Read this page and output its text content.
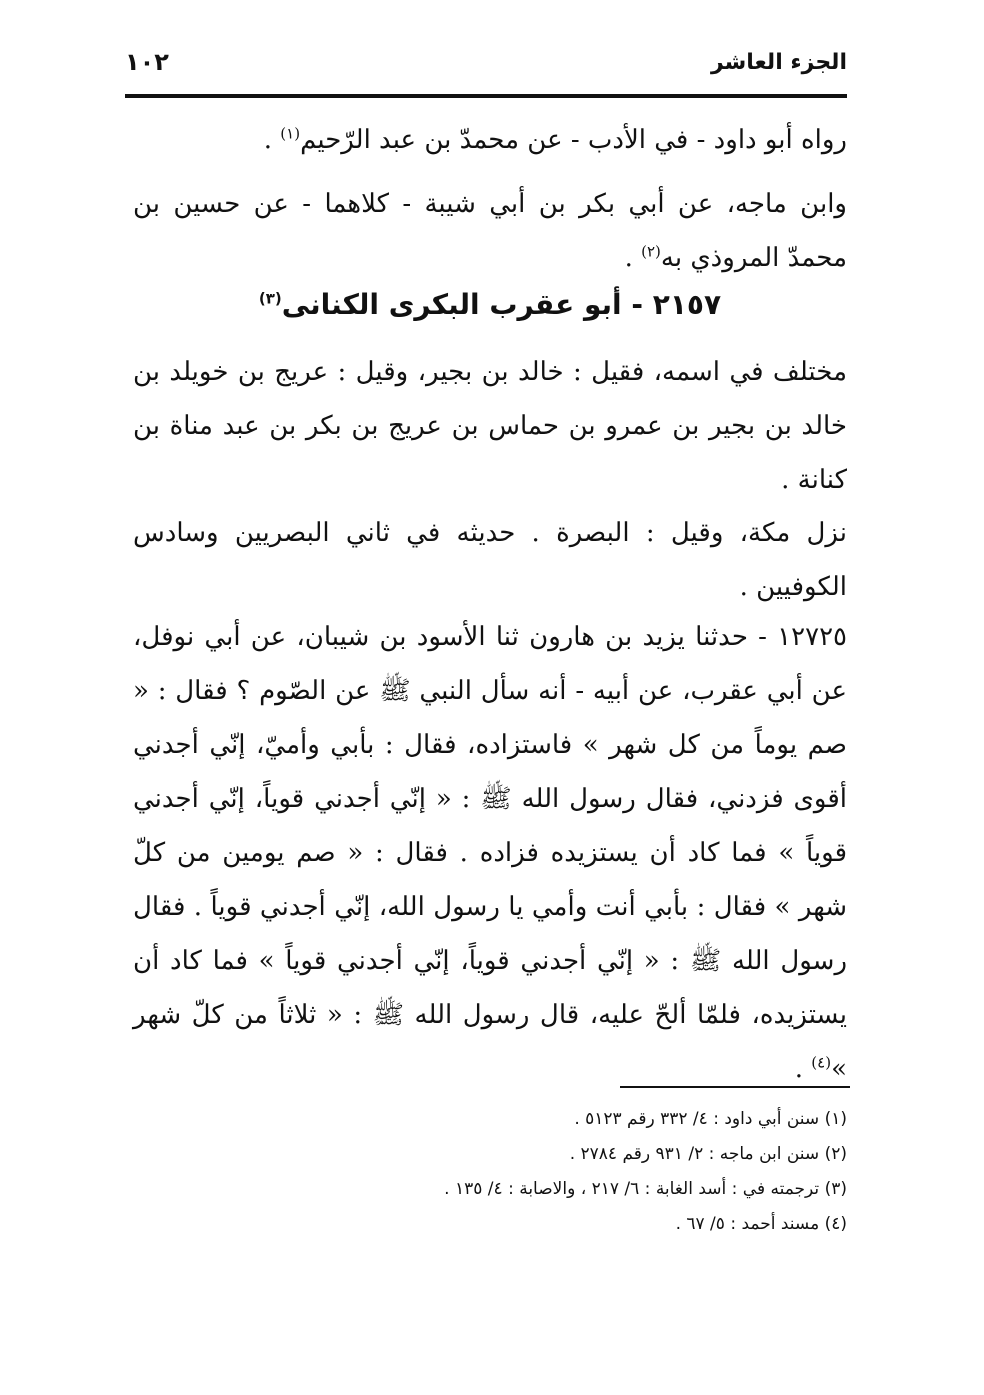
الجزء العاشر
١٠٢

رواه أبو داود - في الأدب - عن محمدّ بن عبد الرّحيم$^{(١)}$ .

وابن ماجه، عن أبي بكر بن أبي شيبة - كلاهما - عن حسين بن محمدّ المروذي به$^{(٢)}$ .

٢١٥٧ - أبو عقرب البكرى الكنانى$^{(٣)}$

مختلف في اسمه، فقيل : خالد بن بجير، وقيل : عريج بن خويلد بن خالد بن بجير بن عمرو بن حماس بن عريج بن بكر بن عبد مناة بن كنانة .

نزل مكة، وقيل : البصرة . حديثه في ثاني البصريين وسادس الكوفيين .

١٢٧٢٥ - حدثنا يزيد بن هارون ثنا الأسود بن شيبان، عن أبي نوفل، عن أبي عقرب، عن أبيه - أنه سأل النبي ﷺ عن الصّوم ؟ فقال : « صم يوماً من كل شهر » فاستزاده، فقال : بأبي وأميّ، إنّي أجدني أقوى فزدني، فقال رسول الله ﷺ : « إنّي أجدني قوياً، إنّي أجدني قوياً » فما كاد أن يستزيده فزاده . فقال : « صم يومين من كلّ شهر » فقال : بأبي أنت وأمي يا رسول الله، إنّي أجدني قوياً . فقال رسول الله ﷺ : « إنّي أجدني قوياً، إنّي أجدني قوياً » فما كاد أن يستزيده، فلمّا ألحّ عليه، قال رسول الله ﷺ : « ثلاثاً من كلّ شهر »$^{(٤)}$ .

(١) سنن أبي داود : ٤/ ٣٣٢ رقم ٥١٢٣ .
(٢) سنن ابن ماجه : ٢/ ٩٣١ رقم ٢٧٨٤ .
(٣) ترجمته في : أسد الغابة : ٦/ ٢١٧ ، والاصابة : ٤/ ١٣٥ .
(٤) مسند أحمد : ٥/ ٦٧ .
